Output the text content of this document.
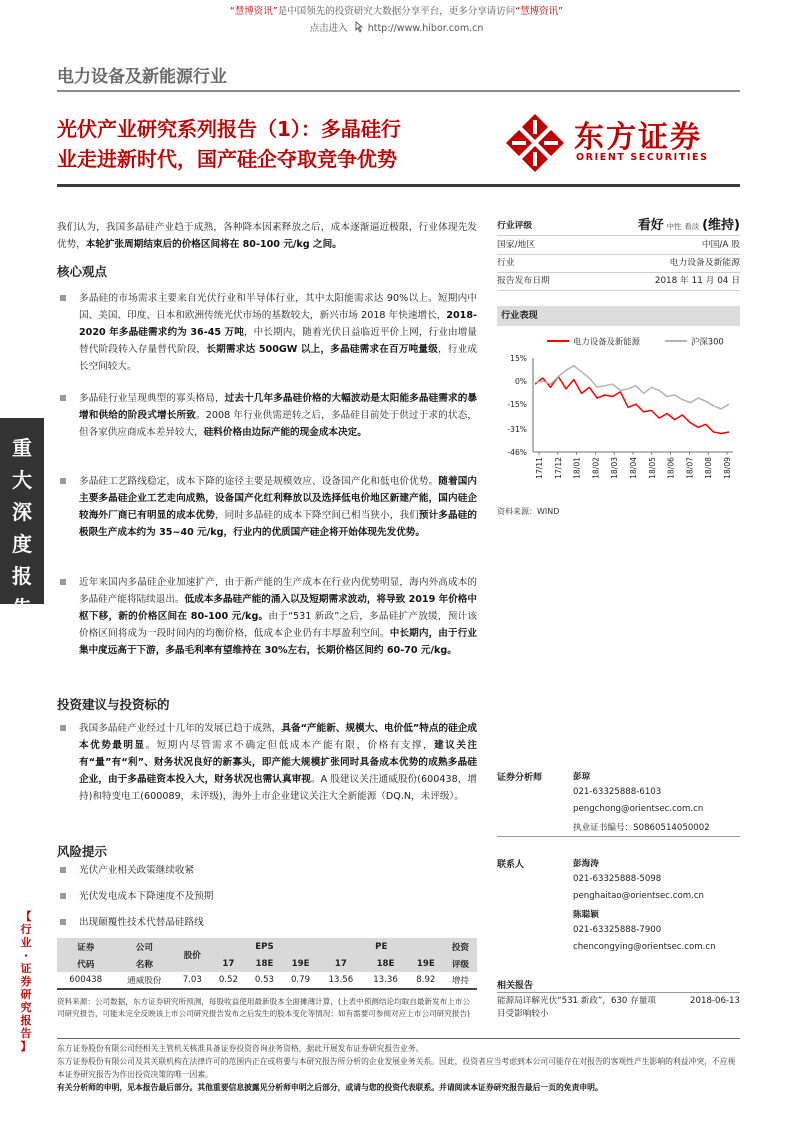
“慧博资讯”是中国领先的投资研究大数据分享平台，更多分享请访问“慧博资讯”
点击进入 http://www.hibor.com.cn
电力设备及新能源行业
光伏产业研究系列报告（1）：多晶硅行
业走进新时代，国产硅企夺取竞争优势
东方证券
ORIENT SECURITIES
重
大
深
度
报
告
【
行
业
·
证
券
研
究
报
告
】
我们认为，我国多晶硅产业趋于成熟，各种降本因素释放之后，成本逐渐逼近极限，行业体现先发优势，本轮扩张周期结束后的价格区间将在 80-100 元/kg 之间。
核心观点
多晶硅的市场需求主要来自光伏行业和半导体行业，其中太阳能需求达 90%以上。短期内中国、美国、印度、日本和欧洲传统光伏市场的基数较大，新兴市场 2018 年快速增长，2018-2020 年多晶硅需求约为 36-45 万吨，中长期内，随着光伏日益临近平价上网，行业由增量替代阶段转入存量替代阶段，长期需求达 500GW 以上，多晶硅需求在百万吨量级，行业成长空间较大。
多晶硅行业呈现典型的寡头格局，过去十几年多晶硅价格的大幅波动是太阳能多晶硅需求的暴增和供给的阶段式增长所致。2008 年行业供需逆转之后，多晶硅目前处于供过于求的状态，但各家供应商成本差异较大，硅料价格由边际产能的现金成本决定。
多晶硅工艺路线稳定，成本下降的途径主要是规模效应、设备国产化和低电价优势。随着国内主要多晶硅企业工艺走向成熟，设备国产化红利释放以及选择低电价地区新建产能，国内硅企较海外厂商已有明显的成本优势，同时多晶硅的成本下降空间已相当狭小，我们预计多晶硅的极限生产成本约为 35~40 元/kg，行业内的优质国产硅企将开始体现先发优势。
近年来国内多晶硅企业加速扩产，由于新产能的生产成本在行业内优势明显，海内外高成本的多晶硅产能将陆续退出。低成本多晶硅产能的涌入以及短期需求波动，将导致 2019 年价格中枢下移，新的价格区间在 80-100 元/kg。由于“531 新政”之后，多晶硅扩产放缓，预计该价格区间将成为一段时间内的均衡价格，低成本企业仍有丰厚盈利空间。中长期内，由于行业集中度远高于下游，多晶毛利率有望维持在 30%左右，长期价格区间约 60-70 元/kg。
投资建议与投资标的
我国多晶硅产业经过十几年的发展已趋于成熟，具备“产能新、规模大、电价低”特点的硅企成本优势最明显。短期内尽管需求不确定但低成本产能有限，价格有支撑，建议关注有“量”有“利”、财务状况良好的新寡头，即产能大规模扩张同时具备成本优势的成熟多晶硅企业，由于多晶硅资本投入大，财务状况也需认真审视。A 股建议关注通威股份(600438，增持)和特变电工(600089，未评级)，海外上市企业建议关注大全新能源（DQ.N，未评级）。
风险提示
光伏产业相关政策继续收紧
光伏发电成本下降速度不及预期
出现颠覆性技术代替晶硅路线
证券	公司	股价	EPS			PE			投资

代码	名称		17	18E	19E	17	18E	19E	评级
600438	通威股份	7.03	0.52	0.53	0.79	13.56	13.36	8.92	增持
资料来源：公司数据，东方证券研究所预测，每股收益使用最新股本全面摊薄计算，(上表中预测结论均取自最新发布上市公司研究报告，可能未完全反映该上市公司研究报告发布之后发生的股本变化等情况；如有需要可参阅对应上市公司研究报告)
行业评级	看好 中性 看淡 (维持)
国家/地区	中国/A 股
行业	电力设备及新能源
报告发布日期	2018 年 11 月 04 日
行业表现
电力设备及新能源	沪深300
15%
0%
-15%
-31%
-46%
17/11 17/12 18/01 18/02 18/03 18/04 18/05 18/06 18/07 18/08 18/09
资料来源：WIND
证券分析师	彭琼
021-63325888-6103
pengchong@orientsec.com.cn
执业证书编号：S0860514050002
联系人	彭海涛
021-63325888-5098
penghaitao@orientsec.com.cn
陈聪颖
021-63325888-7900
chencongying@orientsec.com.cn
相关报告
能源局详解光伏“531 新政”，630 存量项
目受影响较小
2018-06-13
东方证券股份有限公司经相关主管机关核准具备证券投资咨询业务资格，据此开展发布证券研究报告业务。
东方证券股份有限公司及其关联机构在法律许可的范围内正在或将要与本研究报告所分析的企业发展业务关系。因此，投资者应当考虑到本公司可能存在对报告的客观性产生影响的利益冲突，不应视本证券研究报告为作出投资决策的唯一因素。
有关分析师的申明，见本报告最后部分。其他重要信息披露见分析师申明之后部分，或请与您的投资代表联系。并请阅读本证券研究报告最后一页的免责申明。
